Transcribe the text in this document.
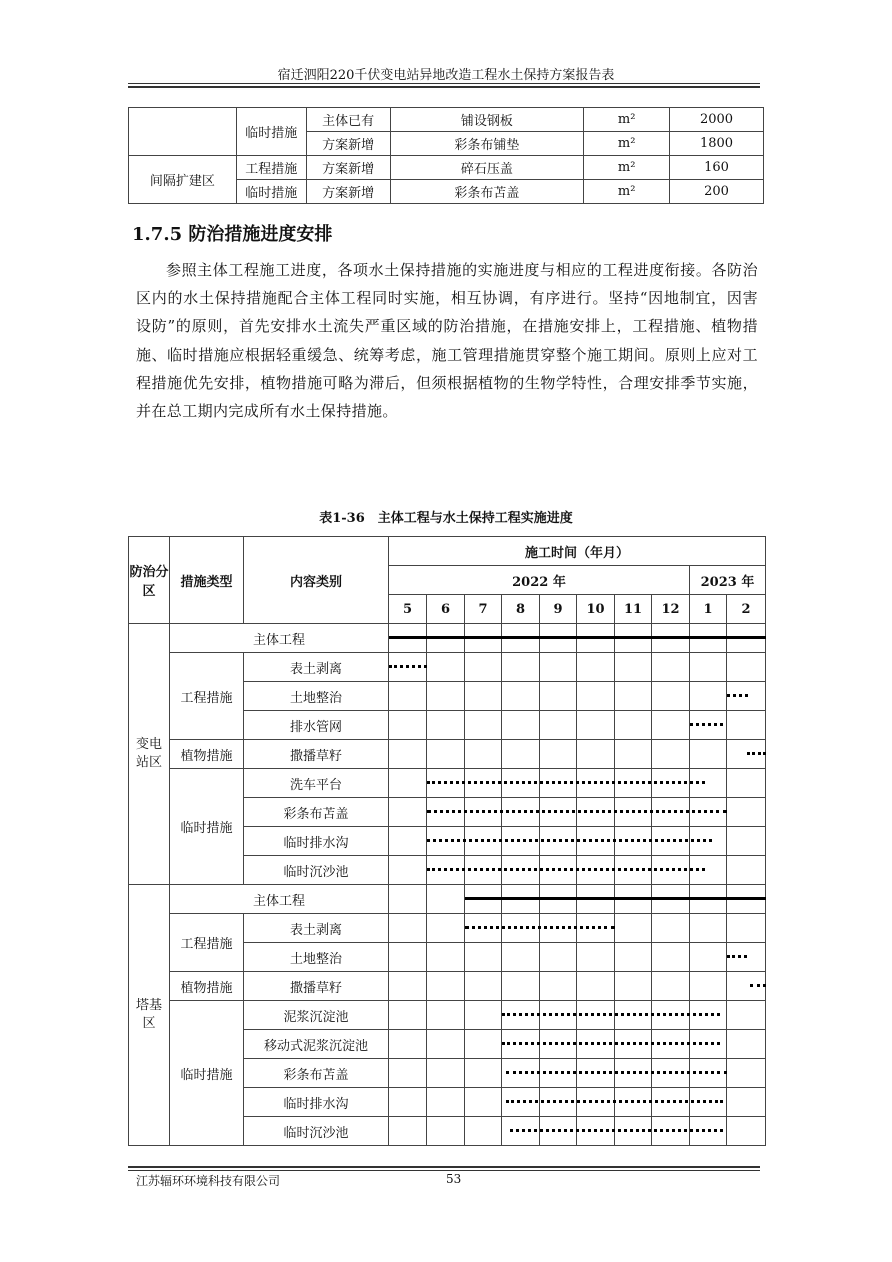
宿迁泗阳220千伏变电站异地改造工程水土保持方案报告表
	临时措施	主体已有	铺设钢板	m²	2000
		方案新增	彩条布铺垫	m²	1800
间隔扩建区	工程措施	方案新增	碎石压盖	m²	160
	临时措施	方案新增	彩条布苫盖	m²	200
1.7.5 防治措施进度安排

参照主体工程施工进度，各项水土保持措施的实施进度与相应的工程进度衔接。各防治区内的水土保持措施配合主体工程同时实施，相互协调，有序进行。坚持“因地制宜，因害设防”的原则，首先安排水土流失严重区域的防治措施，在措施安排上，工程措施、植物措施、临时措施应根据轻重缓急、统筹考虑，施工管理措施贯穿整个施工期间。原则上应对工程措施优先安排，植物措施可略为滞后，但须根据植物的生物学特性，合理安排季节实施，并在总工期内完成所有水土保持措施。

表1-36　主体工程与水土保持工程实施进度
防治分区	措施类型	内容类别	施工时间（年月）									
			2022 年								2023 年	
			5	6	7	8	9	10	11	12	1	2
变电站区	主体工程		

	工程措施	表土剥离	

		土地整治										

		排水管网									

	植物措施	撒播草籽										

	临时措施	洗车平台		

		彩条布苫盖		

		临时排水沟		

		临时沉沙池		

塔基区	主体工程				

	工程措施	表土剥离			

		土地整治										

	植物措施	撒播草籽										

	临时措施	泥浆沉淀池				

		移动式泥浆沉淀池				

		彩条布苫盖				

		临时排水沟				

		临时沉沙池				

江苏辐环环境科技有限公司	53
